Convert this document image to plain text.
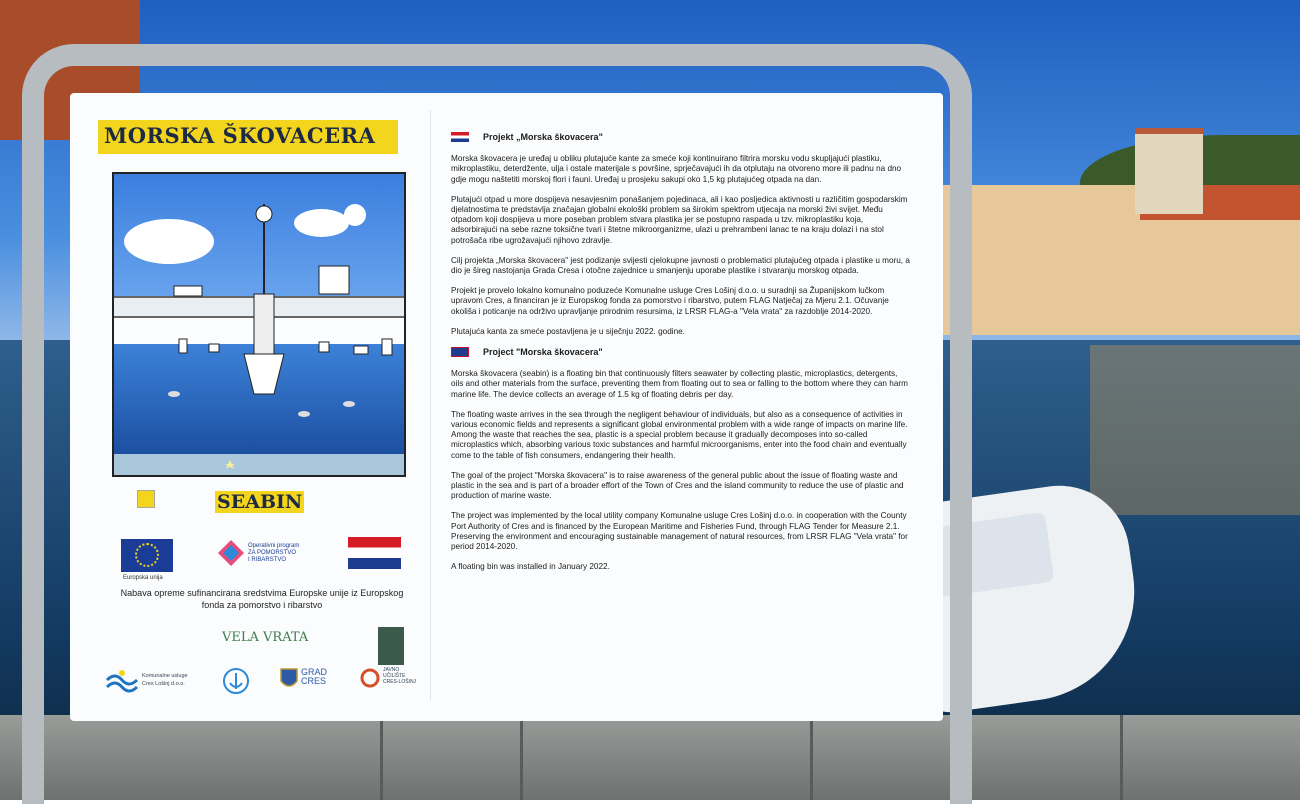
MORSKA ŠKOVACERA
SEABIN
Europska unija
Operativni program
ZA POMORSTVO
I RIBARSTVO
Nabava opreme sufinancirana sredstvima Europske unije iz Europskog fonda za pomorstvo i ribarstvo
VELA VRATA
Komunalne usluge
Cres Lošinj d.o.o.
GRAD
CRES
JAVNO
UČILIŠTE
CRES-LOŠINJ
Projekt „Morska škovacera"

Morska škovacera je uređaj u obliku plutajuće kante za smeće koji kontinuirano filtrira morsku vodu skupljajući plastiku, mikroplastiku, deterdžente, ulja i ostale materijale s površine, sprječavajući ih da otplutaju na otvoreno more ili padnu na dno gdje mogu naštetiti morskoj flori i fauni. Uređaj u prosjeku sakupi oko 1,5 kg plutajućeg otpada na dan.

Plutajući otpad u more dospijeva nesavjesnim ponašanjem pojedinaca, ali i kao posljedica aktivnosti u različitim gospodarskim djelatnostima te predstavlja značajan globalni ekološki problem sa širokim spektrom utjecaja na morski živi svijet. Među otpadom koji dospijeva u more poseban problem stvara plastika jer se postupno raspada u tzv. mikroplastiku koja, adsorbirajući na sebe razne toksične tvari i štetne mikroorganizme, ulazi u prehrambeni lanac te na kraju dolazi i na stol potrošača ribe ugrožavajući njihovo zdravlje.

Cilj projekta „Morska škovacera" jest podizanje svijesti cjelokupne javnosti o problematici plutajućeg otpada i plastike u moru, a dio je šireg nastojanja Grada Cresa i otočne zajednice u smanjenju uporabe plastike i stvaranju morskog otpada.

Projekt je provelo lokalno komunalno poduzeće Komunalne usluge Cres Lošinj d.o.o. u suradnji sa Županijskom lučkom upravom Cres, a financiran je iz Europskog fonda za pomorstvo i ribarstvo, putem FLAG Natječaj za Mjeru 2.1. Očuvanje okoliša i poticanje na održivo upravljanje prirodnim resursima, iz LRSR FLAG-a "Vela vrata" za razdoblje 2014-2020.

Plutajuća kanta za smeće postavljena je u siječnju 2022. godine.

Project "Morska škovacera"

Morska škovacera (seabin) is a floating bin that continuously filters seawater by collecting plastic, microplastics, detergents, oils and other materials from the surface, preventing them from floating out to sea or falling to the bottom where they can harm marine life. The device collects an average of 1.5 kg of floating debris per day.

The floating waste arrives in the sea through the negligent behaviour of individuals, but also as a consequence of activities in various economic fields and represents a significant global environmental problem with a wide range of impacts on marine life. Among the waste that reaches the sea, plastic is a special problem because it gradually decomposes into so-called microplastics which, absorbing various toxic substances and harmful microorganisms, enter into the food chain and eventually come to the table of fish consumers, endangering their health.

The goal of the project "Morska škovacera" is to raise awareness of the general public about the issue of floating waste and plastic in the sea and is part of a broader effort of the Town of Cres and the island community to reduce the use of plastic and production of marine waste.

The project was implemented by the local utility company Komunalne usluge Cres Lošinj d.o.o. in cooperation with the County Port Authority of Cres and is financed by the European Maritime and Fisheries Fund, through FLAG Tender for Measure 2.1. Preserving the environment and encouraging sustainable management of natural resources, from LRSR FLAG "Vela vrata" for period 2014-2020.

A floating bin was installed in January 2022.
